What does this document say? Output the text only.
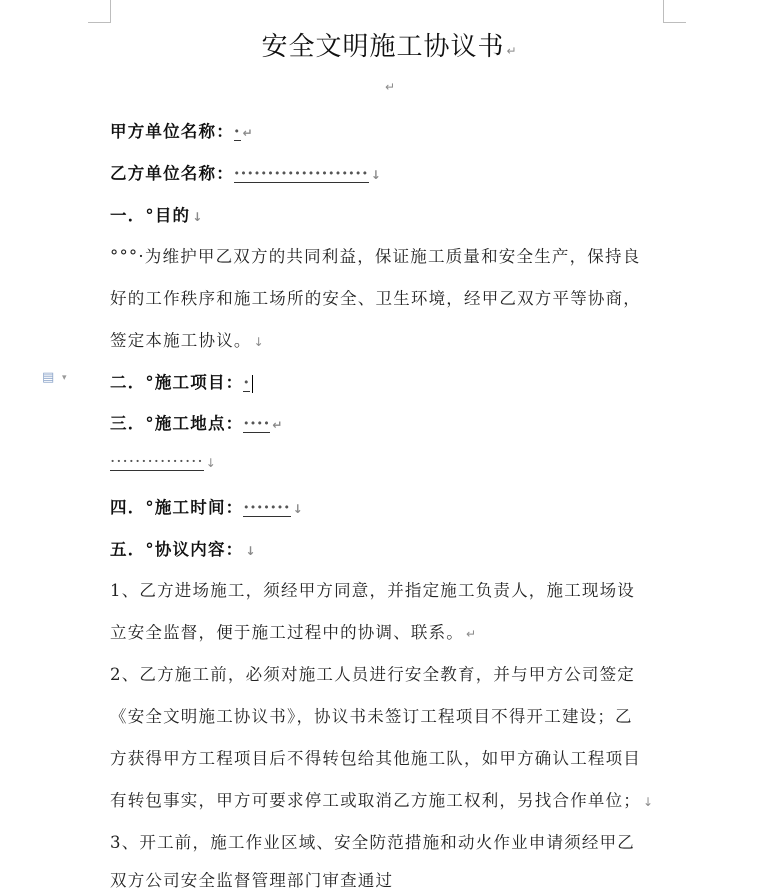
安全文明施工协议书 ↵
↵
甲方单位名称：· ↵
乙方单位名称：···················· ↓
一．°目的 ↓
°°°·为维护甲乙双方的共同利益，保证施工质量和安全生产，保持良
好的工作秩序和施工场所的安全、卫生环境，经甲乙双方平等协商，
签定本施工协议。 ↓
▤ ▾	二．°施工项目：·
三．°施工地点：···· ↵
··············· ↓
四．°施工时间：······· ↓
五．°协议内容： ↓
1、乙方进场施工，须经甲方同意，并指定施工负责人，施工现场设
立安全监督，便于施工过程中的协调、联系。 ↵
2、乙方施工前，必须对施工人员进行安全教育，并与甲方公司签定
《安全文明施工协议书》，协议书未签订工程项目不得开工建设；乙
方获得甲方工程项目后不得转包给其他施工队，如甲方确认工程项目
有转包事实，甲方可要求停工或取消乙方施工权利，另找合作单位； ↓
3、开工前，施工作业区域、安全防范措施和动火作业申请须经甲乙
双方公司安全监督管理部门审查通过
